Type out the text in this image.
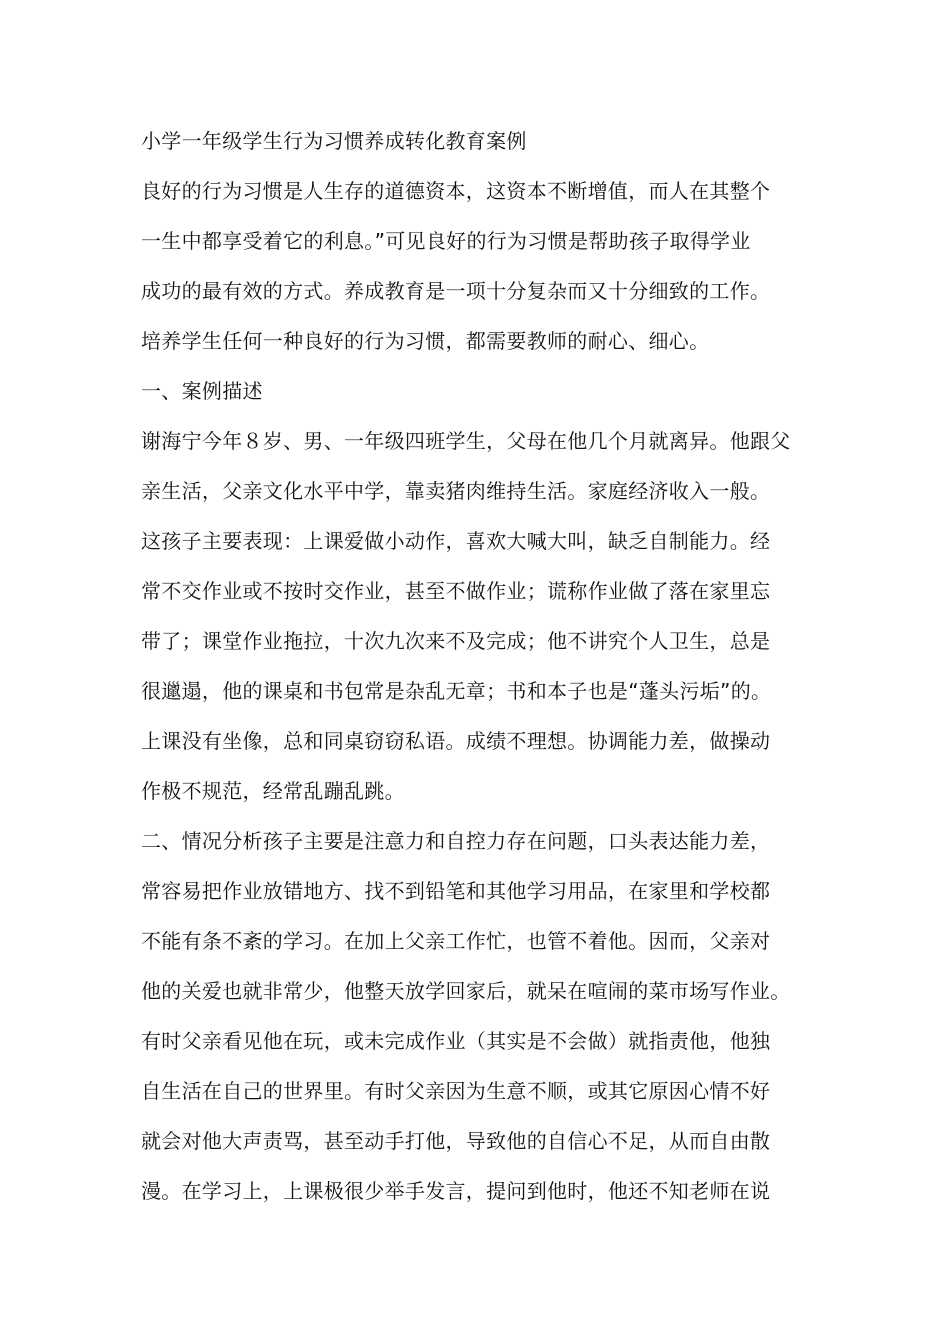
小学一年级学生行为习惯养成转化教育案例
良好的行为习惯是人生存的道德资本，这资本不断增值，而人在其整个
一生中都享受着它的利息。”可见良好的行为习惯是帮助孩子取得学业
成功的最有效的方式。养成教育是一项十分复杂而又十分细致的工作。
培养学生任何一种良好的行为习惯，都需要教师的耐心、细心。
一、案例描述
谢海宁今年８岁、男、一年级四班学生，父母在他几个月就离异。他跟父
亲生活，父亲文化水平中学，靠卖猪肉维持生活。家庭经济收入一般。
这孩子主要表现：上课爱做小动作，喜欢大喊大叫，缺乏自制能力。经
常不交作业或不按时交作业，甚至不做作业；谎称作业做了落在家里忘
带了；课堂作业拖拉，十次九次来不及完成；他不讲究个人卫生，总是
很邋遢，他的课桌和书包常是杂乱无章；书和本子也是“蓬头污垢”的。
上课没有坐像，总和同桌窃窃私语。成绩不理想。协调能力差，做操动
作极不规范，经常乱蹦乱跳。
二、情况分析孩子主要是注意力和自控力存在问题，口头表达能力差，
常容易把作业放错地方、找不到铅笔和其他学习用品，在家里和学校都
不能有条不紊的学习。在加上父亲工作忙，也管不着他。因而，父亲对
他的关爱也就非常少，他整天放学回家后，就呆在喧闹的菜市场写作业。
有时父亲看见他在玩，或未完成作业（其实是不会做）就指责他，他独
自生活在自己的世界里。有时父亲因为生意不顺，或其它原因心情不好
就会对他大声责骂，甚至动手打他，导致他的自信心不足，从而自由散
漫。在学习上，上课极很少举手发言，提问到他时，他还不知老师在说
